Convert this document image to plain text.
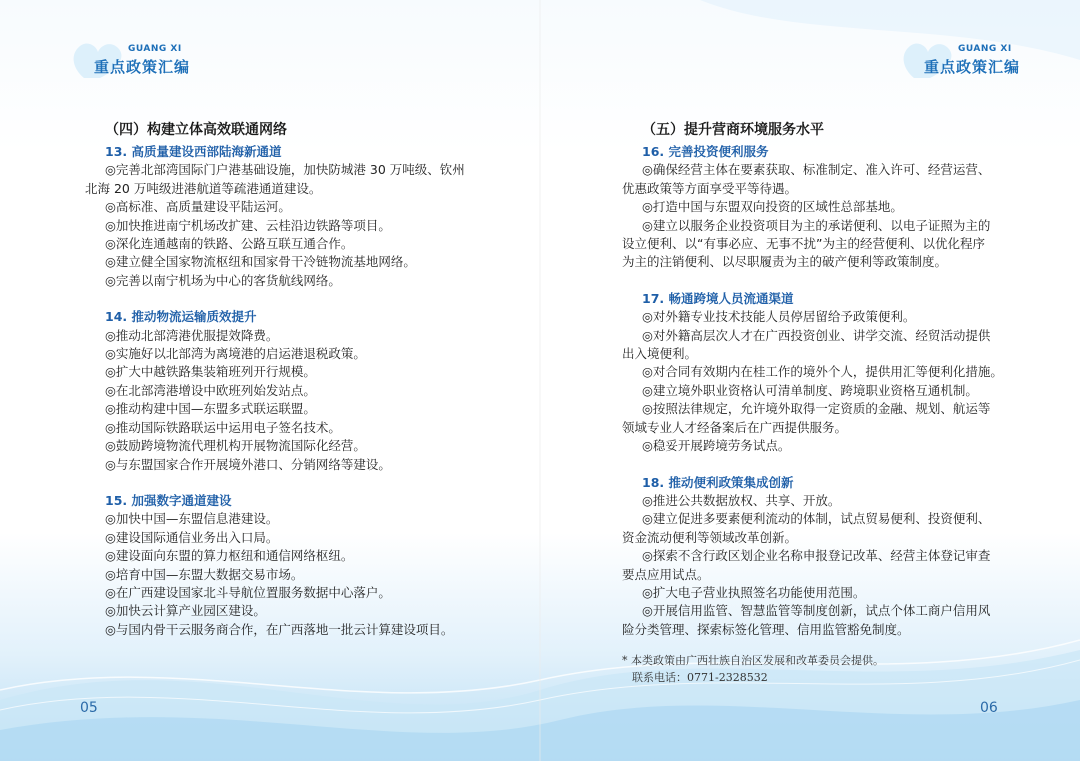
GUANG XI
重点政策汇编
GUANG XI
重点政策汇编

（四）构建立体高效联通网络

13. 高质量建设西部陆海新通道

◎完善北部湾国际门户港基础设施，加快防城港 30 万吨级、钦州

北海 20 万吨级进港航道等疏港通道建设。

◎高标准、高质量建设平陆运河。

◎加快推进南宁机场改扩建、云桂沿边铁路等项目。

◎深化连通越南的铁路、公路互联互通合作。

◎建立健全国家物流枢纽和国家骨干冷链物流基地网络。

◎完善以南宁机场为中心的客货航线网络。

14. 推动物流运输质效提升

◎推动北部湾港优服提效降费。

◎实施好以北部湾为离境港的启运港退税政策。

◎扩大中越铁路集装箱班列开行规模。

◎在北部湾港增设中欧班列始发站点。

◎推动构建中国—东盟多式联运联盟。

◎推动国际铁路联运中运用电子签名技术。

◎鼓励跨境物流代理机构开展物流国际化经营。

◎与东盟国家合作开展境外港口、分销网络等建设。

15. 加强数字通道建设

◎加快中国—东盟信息港建设。

◎建设国际通信业务出入口局。

◎建设面向东盟的算力枢纽和通信网络枢纽。

◎培育中国—东盟大数据交易市场。

◎在广西建设国家北斗导航位置服务数据中心落户。

◎加快云计算产业园区建设。

◎与国内骨干云服务商合作，在广西落地一批云计算建设项目。

（五）提升营商环境服务水平

16. 完善投资便利服务

◎确保经营主体在要素获取、标准制定、准入许可、经营运营、

优惠政策等方面享受平等待遇。

◎打造中国与东盟双向投资的区域性总部基地。

◎建立以服务企业投资项目为主的承诺便利、以电子证照为主的

设立便利、以“有事必应、无事不扰”为主的经营便利、以优化程序

为主的注销便利、以尽职履责为主的破产便利等政策制度。

17. 畅通跨境人员流通渠道

◎对外籍专业技术技能人员停居留给予政策便利。

◎对外籍高层次人才在广西投资创业、讲学交流、经贸活动提供

出入境便利。

◎对合同有效期内在桂工作的境外个人，提供用汇等便利化措施。

◎建立境外职业资格认可清单制度、跨境职业资格互通机制。

◎按照法律规定，允许境外取得一定资质的金融、规划、航运等

领域专业人才经备案后在广西提供服务。

◎稳妥开展跨境劳务试点。

18. 推动便利政策集成创新

◎推进公共数据放权、共享、开放。

◎建立促进多要素便利流动的体制，试点贸易便利、投资便利、

资金流动便利等领域改革创新。

◎探索不含行政区划企业名称申报登记改革、经营主体登记审查

要点应用试点。

◎扩大电子营业执照签名功能使用范围。

◎开展信用监管、智慧监管等制度创新，试点个体工商户信用风

险分类管理、探索标签化管理、信用监管豁免制度。

* 本类政策由广西壮族自治区发展和改革委员会提供。

联系电话：0771-2328532

05	06
